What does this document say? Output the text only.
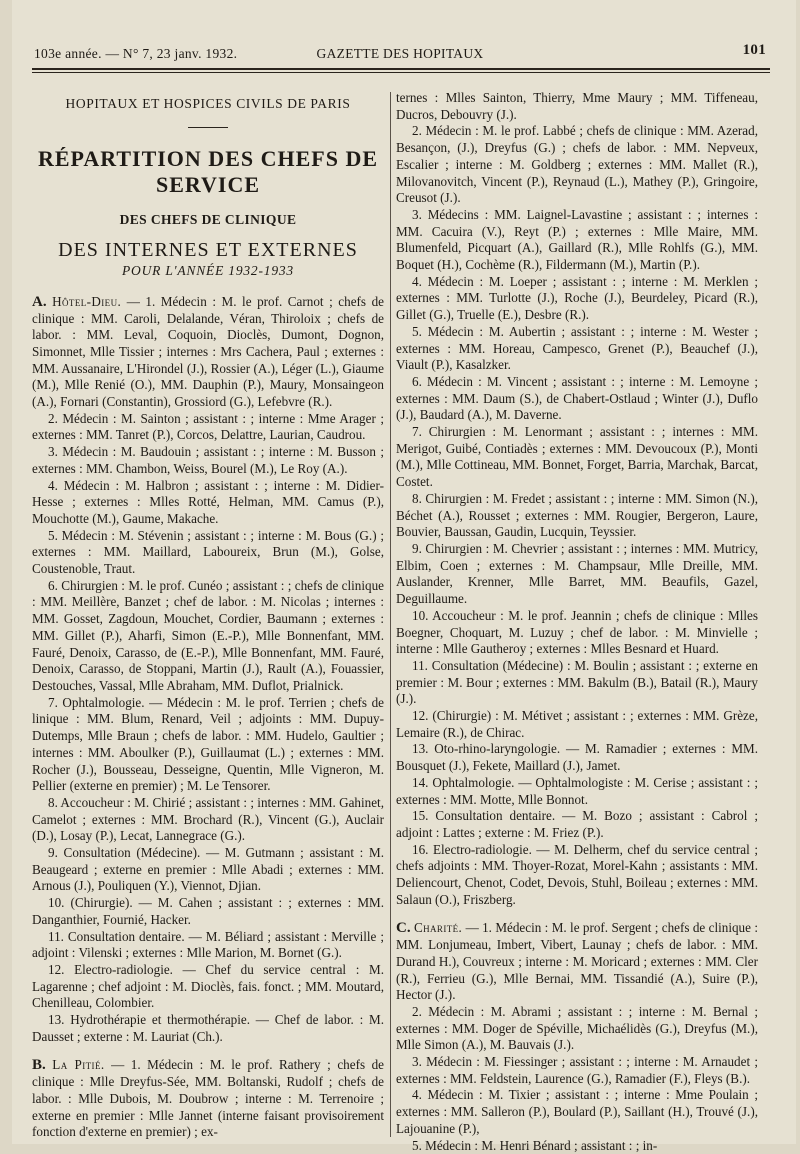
103e année. — N° 7, 23 janv. 1932.	GAZETTE DES HOPITAUX	101
HOPITAUX ET HOSPICES CIVILS DE PARIS
RÉPARTITION DES CHEFS DE SERVICE
DES CHEFS DE CLINIQUE
DES INTERNES ET EXTERNES
POUR L'ANNÉE 1932-1933

A. Hôtel-Dieu. — 1. Médecin : M. le prof. Carnot ; chefs de clinique : MM. Caroli, Delalande, Véran, Thiroloix ; chefs de labor. : MM. Leval, Coquoin, Dioclès, Dumont, Dognon, Simonnet, Mlle Tissier ; internes : Mrs Cachera, Paul ; externes : MM. Aussanaire, L'Hirondel (J.), Rossier (A.), Léger (L.), Giaume (M.), Mlle Renié (O.), MM. Dauphin (P.), Maury, Monsaingeon (A.), Fornari (Constantin), Grossiord (G.), Lefebvre (R.).

2. Médecin : M. Sainton ; assistant : ; interne : Mme Arager ; externes : MM. Tanret (P.), Corcos, Delattre, Laurian, Caudrou.

3. Médecin : M. Baudouin ; assistant : ; interne : M. Busson ; externes : MM. Chambon, Weiss, Bourel (M.), Le Roy (A.).

4. Médecin : M. Halbron ; assistant : ; interne : M. Didier-Hesse ; externes : Mlles Rotté, Helman, MM. Camus (P.), Mouchotte (M.), Gaume, Makache.

5. Médecin : M. Stévenin ; assistant : ; interne : M. Bous (G.) ; externes : MM. Maillard, Laboureix, Brun (M.), Golse, Coustenoble, Traut.

6. Chirurgien : M. le prof. Cunéo ; assistant : ; chefs de clinique : MM. Meillère, Banzet ; chef de labor. : M. Nicolas ; internes : MM. Gosset, Zagdoun, Mouchet, Cordier, Baumann ; externes : MM. Gillet (P.), Aharfi, Simon (E.-P.), Mlle Bonnenfant, MM. Fauré, Denoix, Carasso, de (E.-P.), Mlle Bonnenfant, MM. Fauré, Denoix, Carasso, de Stoppani, Martin (J.), Rault (A.), Fouassier, Destouches, Vassal, Mlle Abraham, MM. Duflot, Prialnick.

7. Ophtalmologie. — Médecin : M. le prof. Terrien ; chefs de linique : MM. Blum, Renard, Veil ; adjoints : MM. Dupuy-Dutemps, Mlle Braun ; chefs de labor. : MM. Hudelo, Gaultier ; internes : MM. Aboulker (P.), Guillaumat (L.) ; externes : MM. Rocher (J.), Bousseau, Desseigne, Quentin, Mlle Vigneron, M. Pellier (externe en premier) ; M. Le Tensorer.

8. Accoucheur : M. Chirié ; assistant : ; internes : MM. Gahinet, Camelot ; externes : MM. Brochard (R.), Vincent (G.), Auclair (D.), Losay (P.), Lecat, Lannegrace (G.).

9. Consultation (Médecine). — M. Gutmann ; assistant : M. Beaugeard ; externe en premier : Mlle Abadi ; externes : MM. Arnous (J.), Pouliquen (Y.), Viennot, Djian.

10. (Chirurgie). — M. Cahen ; assistant : ; externes : MM. Danganthier, Fournié, Hacker.

11. Consultation dentaire. — M. Béliard ; assistant : Merville ; adjoint : Vilenski ; externes : Mlle Marion, M. Bornet (G.).

12. Electro-radiologie. — Chef du service central : M. Lagarenne ; chef adjoint : M. Dioclès, fais. fonct. ; MM. Moutard, Chenilleau, Colombier.

13. Hydrothérapie et thermothérapie. — Chef de labor. : M. Dausset ; externe : M. Lauriat (Ch.).

B. La Pitié. — 1. Médecin : M. le prof. Rathery ; chefs de clinique : Mlle Dreyfus-Sée, MM. Boltanski, Rudolf ; chefs de labor. : Mlle Dubois, M. Doubrow ; interne : M. Terrenoire ; externe en premier : Mlle Jannet (interne faisant provisoirement fonction d'externe en premier) ; ex-

ternes : Mlles Sainton, Thierry, Mme Maury ; MM. Tiffeneau, Ducros, Debouvry (J.).

2. Médecin : M. le prof. Labbé ; chefs de clinique : MM. Azerad, Besançon, (J.), Dreyfus (G.) ; chefs de labor. : MM. Nepveux, Escalier ; interne : M. Goldberg ; externes : MM. Mallet (R.), Milovanovitch, Vincent (P.), Reynaud (L.), Mathey (P.), Gringoire, Creusot (J.).

3. Médecins : MM. Laignel-Lavastine ; assistant : ; internes : MM. Cacuira (V.), Reyt (P.) ; externes : Mlle Maire, MM. Blumenfeld, Picquart (A.), Gaillard (R.), Mlle Rohlfs (G.), MM. Boquet (H.), Cochème (R.), Fildermann (M.), Martin (P.).

4. Médecin : M. Loeper ; assistant : ; interne : M. Merklen ; externes : MM. Turlotte (J.), Roche (J.), Beurdeley, Picard (R.), Gillet (G.), Truelle (E.), Desbre (R.).

5. Médecin : M. Aubertin ; assistant : ; interne : M. Wester ; externes : MM. Horeau, Campesco, Grenet (P.), Beauchef (J.), Viault (P.), Kasalzker.

6. Médecin : M. Vincent ; assistant : ; interne : M. Lemoyne ; externes : MM. Daum (S.), de Chabert-Ostlaud ; Winter (J.), Duflo (J.), Baudard (A.), M. Daverne.

7. Chirurgien : M. Lenormant ; assistant : ; internes : MM. Merigot, Guibé, Contiadès ; externes : MM. Devoucoux (P.), Monti (M.), Mlle Cottineau, MM. Bonnet, Forget, Barria, Marchak, Barcat, Costet.

8. Chirurgien : M. Fredet ; assistant : ; interne : MM. Simon (N.), Béchet (A.), Rousset ; externes : MM. Rougier, Bergeron, Laure, Bouvier, Baussan, Gaudin, Lucquin, Teyssier.

9. Chirurgien : M. Chevrier ; assistant : ; internes : MM. Mutricy, Elbim, Coen ; externes : M. Champsaur, Mlle Dreille, MM. Auslander, Krenner, Mlle Barret, MM. Beaufils, Gazel, Deguillaume.

10. Accoucheur : M. le prof. Jeannin ; chefs de clinique : Mlles Boegner, Choquart, M. Luzuy ; chef de labor. : M. Minvielle ; interne : Mlle Gautheroy ; externes : Mlles Besnard et Huard.

11. Consultation (Médecine) : M. Boulin ; assistant : ; externe en premier : M. Bour ; externes : MM. Bakulm (B.), Batail (R.), Maury (J.).

12. (Chirurgie) : M. Métivet ; assistant : ; externes : MM. Grèze, Lemaire (R.), de Chirac.

13. Oto-rhino-laryngologie. — M. Ramadier ; externes : MM. Bousquet (J.), Fekete, Maillard (J.), Jamet.

14. Ophtalmologie. — Ophtalmologiste : M. Cerise ; assistant : ; externes : MM. Motte, Mlle Bonnot.

15. Consultation dentaire. — M. Bozo ; assistant : Cabrol ; adjoint : Lattes ; externe : M. Friez (P.).

16. Electro-radiologie. — M. Delherm, chef du service central ; chefs adjoints : MM. Thoyer-Rozat, Morel-Kahn ; assistants : MM. Deliencourt, Chenot, Codet, Devois, Stuhl, Boileau ; externes : MM. Salaun (O.), Friszberg.

C. Charité. — 1. Médecin : M. le prof. Sergent ; chefs de clinique : MM. Lonjumeau, Imbert, Vibert, Launay ; chefs de labor. : MM. Durand H.), Couvreux ; interne : M. Moricard ; externes : MM. Cler (R.), Ferrieu (G.), Mlle Bernai, MM. Tissandié (A.), Suire (P.), Hector (J.).

2. Médecin : M. Abrami ; assistant : ; interne : M. Bernal ; externes : MM. Doger de Spéville, Michaélidès (G.), Dreyfus (M.), Mlle Simon (A.), M. Bauvais (J.).

3. Médecin : M. Fiessinger ; assistant : ; interne : M. Arnaudet ; externes : MM. Feldstein, Laurence (G.), Ramadier (F.), Fleys (B.).

4. Médecin : M. Tixier ; assistant : ; interne : Mme Poulain ; externes : MM. Salleron (P.), Boulard (P.), Saillant (H.), Trouvé (J.), Lajouanine (P.),

5. Médecin : M. Henri Bénard ; assistant : ; in-
